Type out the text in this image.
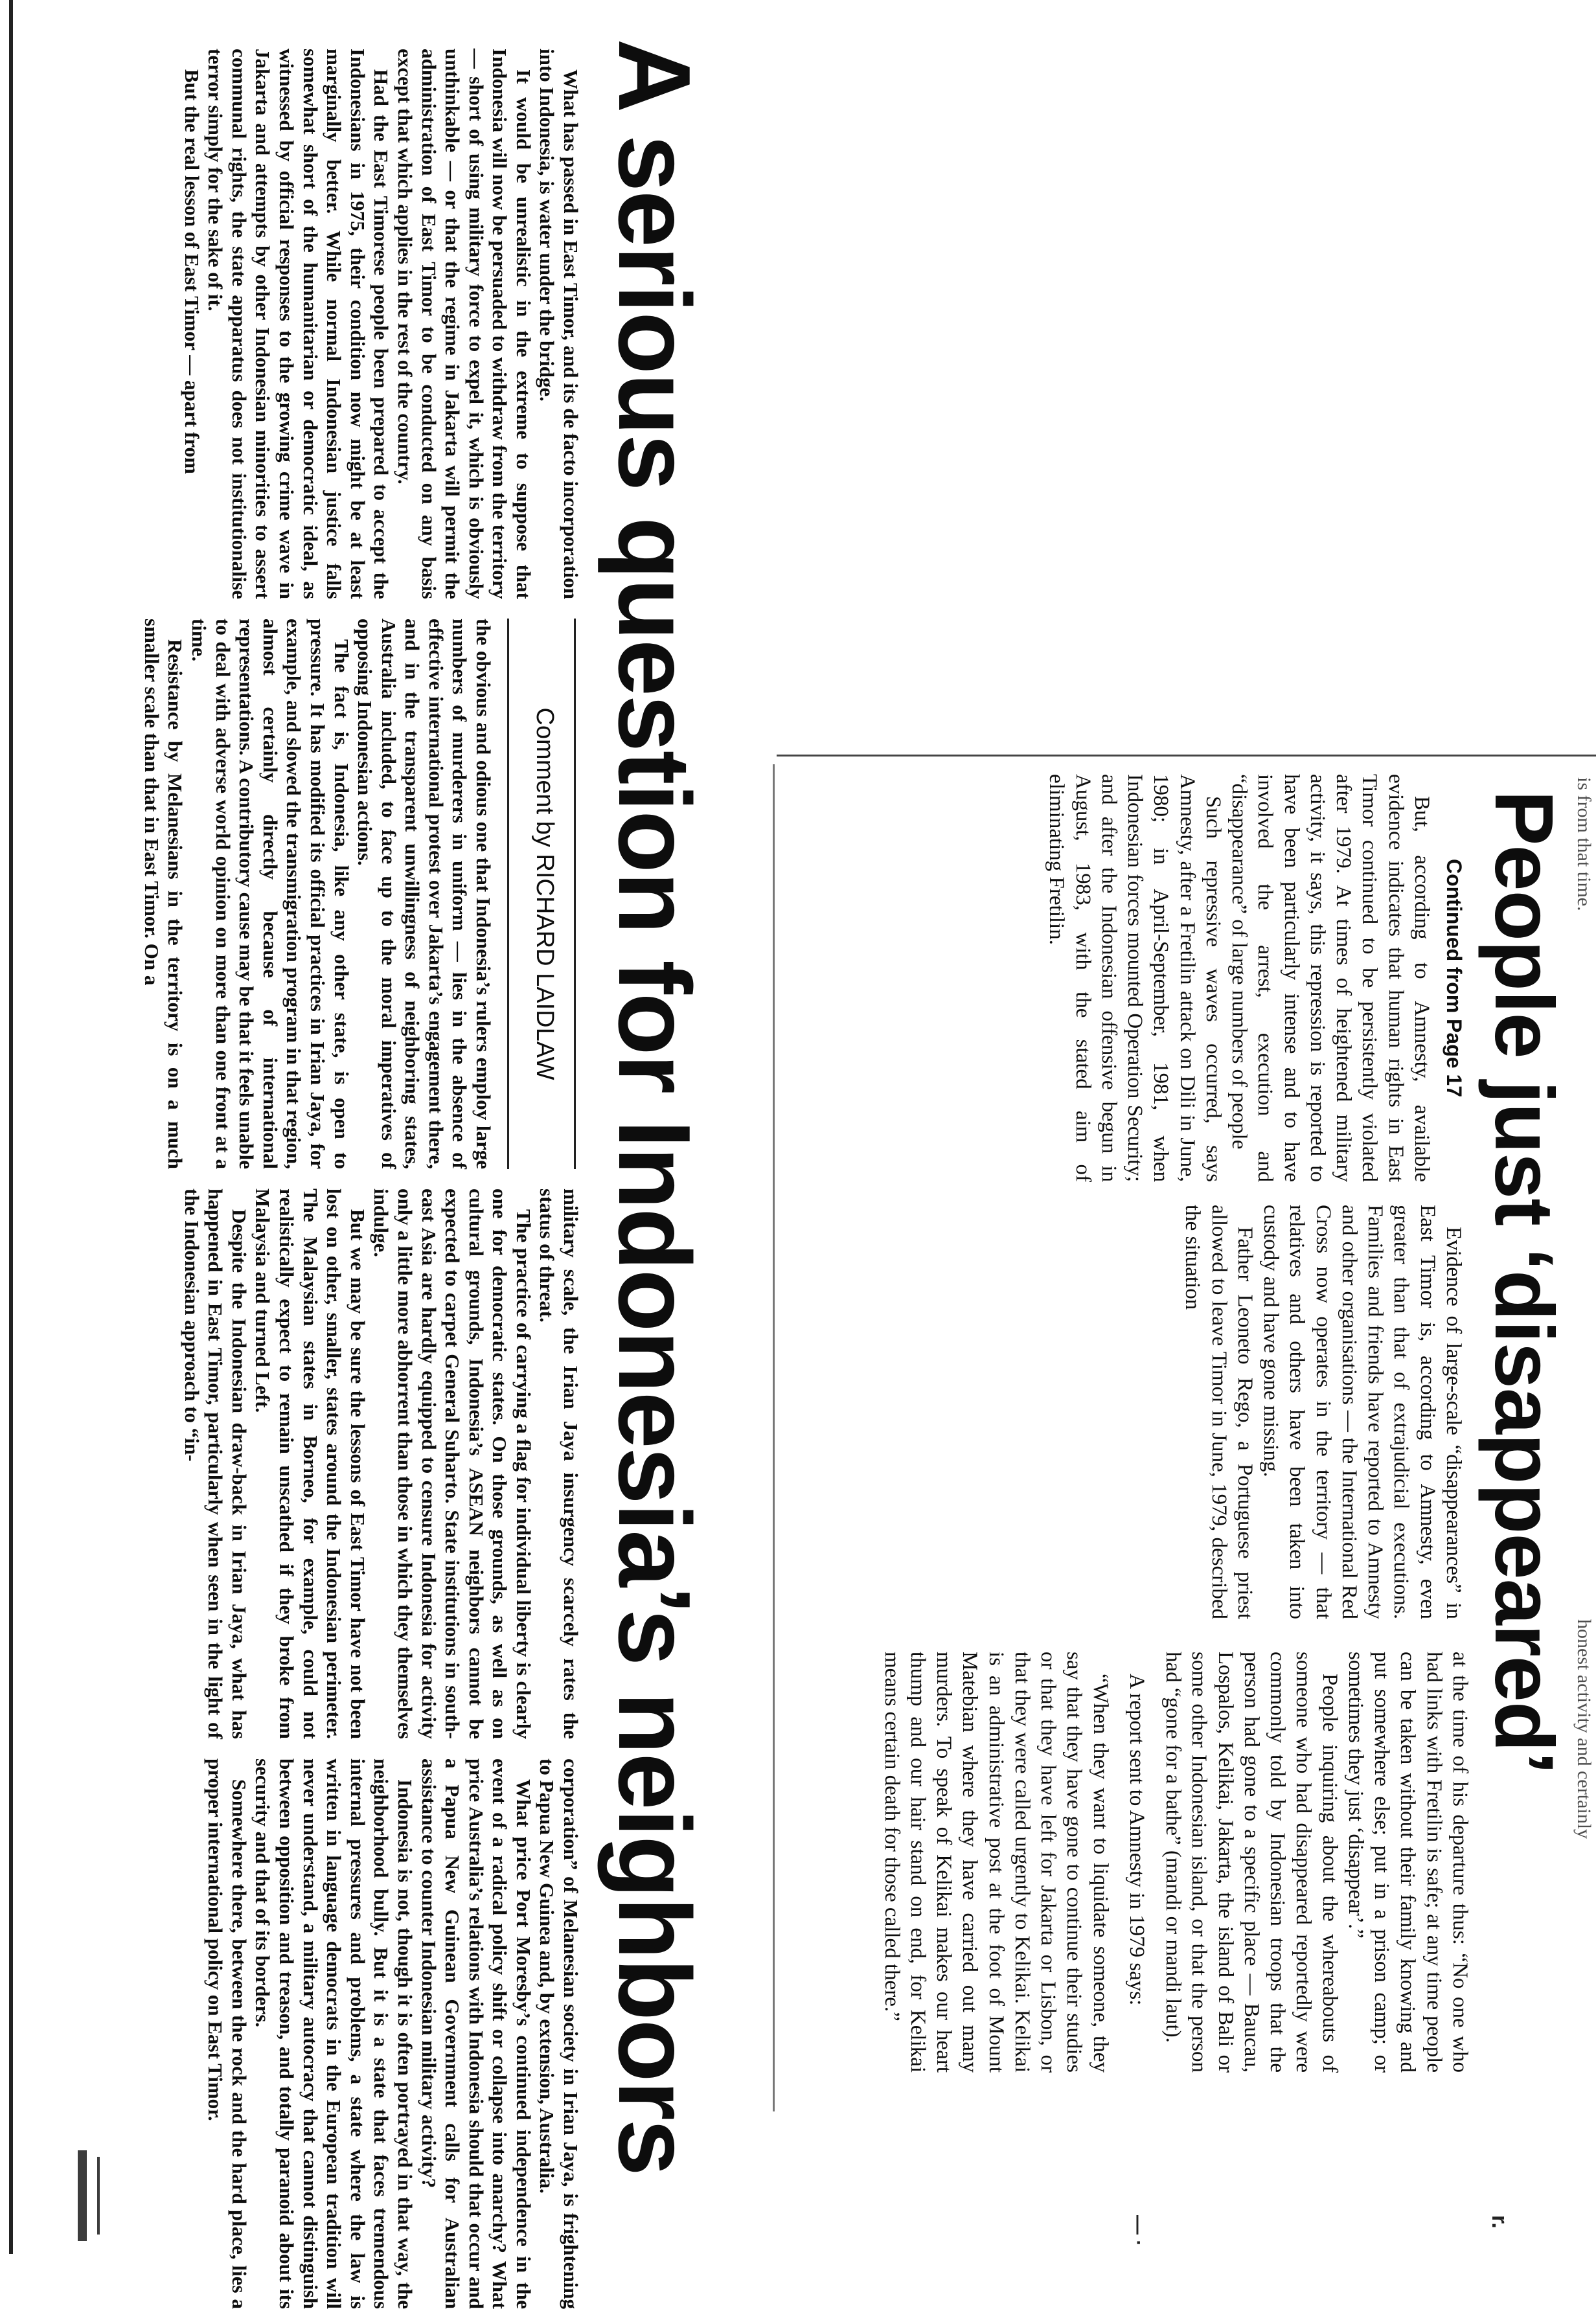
is from that time.
honest activity and certainly
People just ‘disappeared’

Continued from Page 17

But, according to Amnesty, available evidence indicates that human rights in East Timor continued to be persistently violated after 1979. At times of heightened military activity, it says, this repression is reported to have been particularly intense and to have involved the arrest, execution and “disappearance” of large numbers of people

Such repressive waves occurred, says Amnesty, after a Fretilin attack on Dili in June, 1980; in April-September, 1981, when Indonesian forces mounted Operation Security; and after the Indonesian offensive begun in August, 1983, with the stated aim of eliminating Fretilin.

Evidence of large-scale “disappearances” in East Timor is, according to Amnesty, even greater than that of extrajudicial executions. Families and friends have reported to Amnesty and other organisations — the International Red Cross now operates in the territory — that relatives and others have been taken into custody and have gone missing.

Father Leoneto Rego, a Portuguese priest allowed to leave Timor in June, 1979, described the situation

at the time of his departure thus: “No one who had links with Fretilin is safe; at any time people can be taken without their family knowing and put somewhere else; put in a prison camp; or sometimes they just ‘disappear’.”

People inquiring about the whereabouts of someone who had disappeared reportedly were commonly told by Indonesian troops that the person had gone to a specific place — Baucau, Lospalos, Kelikai, Jakarta, the island of Bali or some other Indonesian island, or that the person had “gone for a bathe” (mandi or mandi laut).

A report sent to Amnesty in 1979 says:

“When they want to liquidate someone, they say that they have gone to continue their studies or that they have left for Jakarta or Lisbon, or that they were called urgently to Kelikai. Kelikai is an administrative post at the foot of Mount Matebian where they have carried out many murders. To speak of Kelikai makes our heart thump and our hair stand on end, for Kelikai means certain death for those called there.”

A serious question for Indonesia’s neighbors

What has passed in East Timor, and its de facto incorporation into Indonesia, is water under the bridge.

It would be unrealistic in the extreme to suppose that Indonesia will now be persuaded to withdraw from the territory — short of using military force to expel it, which is obviously unthinkable — or that the regime in Jakarta will permit the administration of East Timor to be conducted on any basis except that which applies in the rest of the country.

Had the East Timorese people been prepared to accept the Indonesians in 1975, their condition now might be at least marginally better. While normal Indonesian justice falls somewhat short of the humanitarian or democratic ideal, as witnessed by official responses to the growing crime wave in Jakarta and attempts by other Indonesian minorities to assert communal rights, the state apparatus does not institutionalise terror simply for the sake of it.

But the real lesson of East Timor — apart from

Comment by RICHARD LAIDLAW

the obvious and odious one that Indonesia’s rulers employ large numbers of murderers in uniform — lies in the absence of effective international protest over Jakarta’s engagement there, and in the transparent unwillingness of neighboring states, Australia included, to face up to the moral imperatives of opposing Indonesian actions.

The fact is, Indonesia, like any other state, is open to pressure. It has modified its official practices in Irian Jaya, for example, and slowed the transmigration program in that region, almost certainly directly because of international representations. A contributory cause may be that it feels unable to deal with adverse world opinion on more than one front at a time.

Resistance by Melanesians in the territory is on a much smaller scale than that in East Timor. On a

military scale, the Irian Jaya insurgency scarcely rates the status of threat.

The practice of carrying a flag for individual liberty is clearly one for democratic states. On those grounds, as well as on cultural grounds, Indonesia’s ASEAN neighbors cannot be expected to carpet General Suharto. State institutions in south-east Asia are hardly equipped to censure Indonesia for activity only a little more abhorrent than those in which they themselves indulge.

But we may be sure the lessons of East Timor have not been lost on other, smaller, states around the Indonesian perimeter. The Malaysian states in Borneo, for example, could not realistically expect to remain unscathed if they broke from Malaysia and turned Left.

Despite the Indonesian draw-back in Irian Jaya, what has happened in East Timor, particularly when seen in the light of the Indonesian approach to “in-

corporation” of Melanesian society in Irian Jaya, is frightening to Papua New Guinea and, by extension, Australia.

What price Port Moresby’s continued independence in the event of a radical policy shift or collapse into anarchy? What price Australia’s relations with Indonesia should that occur and a Papua New Guinean Government calls for Australian assistance to counter Indonesian military activity?

Indonesia is not, though it is often portrayed in that way, the neighborhood bully. But it is a state that faces tremendous internal pressures and problems, a state where the law is written in language democrats in the European tradition will never understand, a military autocracy that cannot distinguish between opposition and treason, and totally paranoid about its security and that of its borders.

Somewhere there, between the rock and the hard place, lies a proper international policy on East Timor.

— ·	r.
